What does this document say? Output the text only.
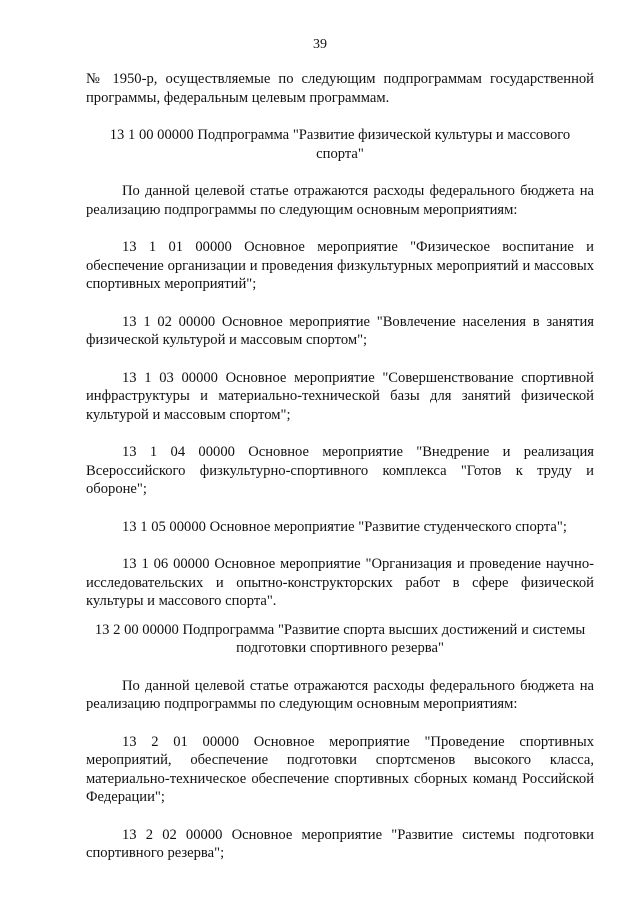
39

№ 1950-р, осуществляемые по следующим подпрограммам государственной программы, федеральным целевым программам.

13 1 00 00000 Подпрограмма "Развитие физической культуры и массового спорта"

По данной целевой статье отражаются расходы федерального бюджета на реализацию подпрограммы по следующим основным мероприятиям:

13 1 01 00000 Основное мероприятие "Физическое воспитание и обеспечение организации и проведения физкультурных мероприятий и массовых спортивных мероприятий";

13 1 02 00000 Основное мероприятие "Вовлечение населения в занятия физической культурой и массовым спортом";

13 1 03 00000 Основное мероприятие "Совершенствование спортивной инфраструктуры и материально-технической базы для занятий физической культурой и массовым спортом";

13 1 04 00000 Основное мероприятие "Внедрение и реализация Всероссийского физкультурно-спортивного комплекса "Готов к труду и обороне";

13 1 05 00000 Основное мероприятие "Развитие студенческого спорта";

13 1 06 00000 Основное мероприятие "Организация и проведение научно-исследовательских и опытно-конструкторских работ в сфере физической культуры и массового спорта".

13 2 00 00000 Подпрограмма "Развитие спорта высших достижений и системы подготовки спортивного резерва"

По данной целевой статье отражаются расходы федерального бюджета на реализацию подпрограммы по следующим основным мероприятиям:

13 2 01 00000 Основное мероприятие "Проведение спортивных мероприятий, обеспечение подготовки спортсменов высокого класса, материально-техническое обеспечение спортивных сборных команд Российской Федерации";

13 2 02 00000 Основное мероприятие "Развитие системы подготовки спортивного резерва";
